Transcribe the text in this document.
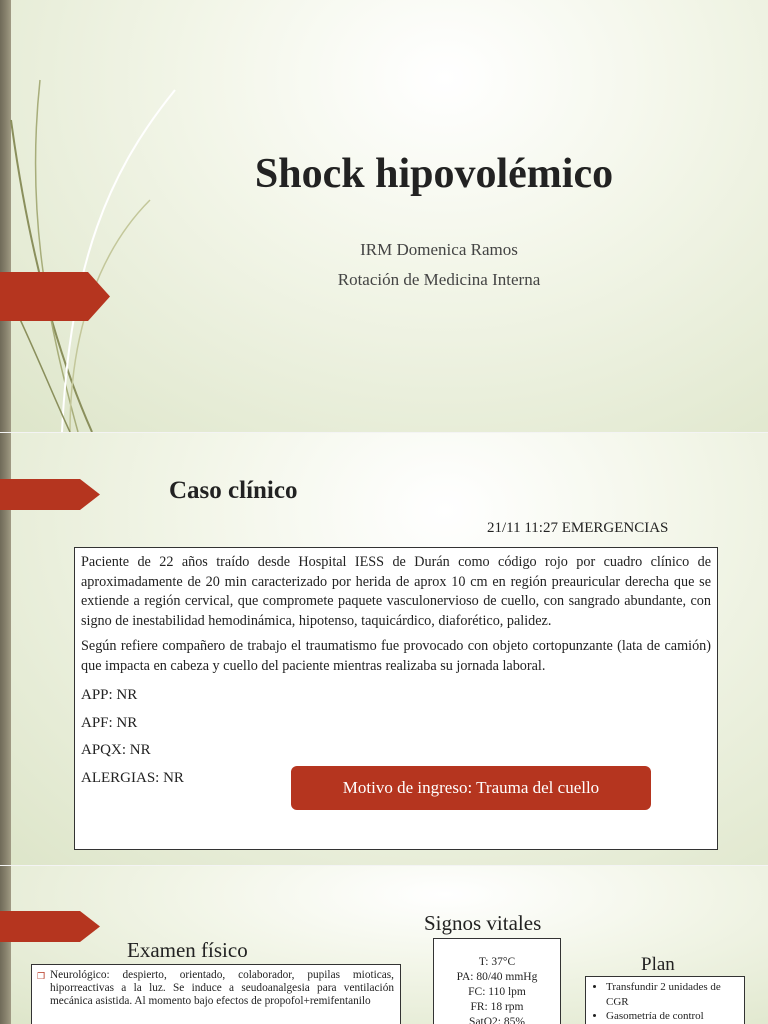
Shock hipovolémico
IRM Domenica Ramos
Rotación de Medicina Interna
Caso clínico
21/11 11:27 EMERGENCIAS

Paciente de 22 años traído desde Hospital IESS de Durán como código rojo por cuadro clínico de aproximadamente de 20 min caracterizado por herida de aprox 10 cm en región preauricular derecha que se extiende a región cervical, que compromete paquete vasculonervioso de cuello, con sangrado abundante, con signo de inestabilidad hemodinámica, hipotenso, taquicárdico, diaforético, palidez.

Según refiere compañero de trabajo el traumatismo fue provocado con objeto cortopunzante (lata de camión) que impacta en cabeza y cuello del paciente mientras realizaba su jornada laboral.

APP: NR
APF: NR
APQX: NR
ALERGIAS: NR
Motivo de ingreso: Trauma del cuello
Examen físico
❒ Neurológico: despierto, orientado, colaborador, pupilas mioticas, hiporreactivas a la luz. Se induce a seudoanalgesia para ventilación mecánica asistida. Al momento bajo efectos de propofol+remifentanilo
Signos vitales
T: 37°C
PA: 80/40 mmHg
FC: 110 lpm
FR: 18 rpm
SatO2: 85%
Plan
• Transfundir 2 unidades de CGR
• Gasometría de control
